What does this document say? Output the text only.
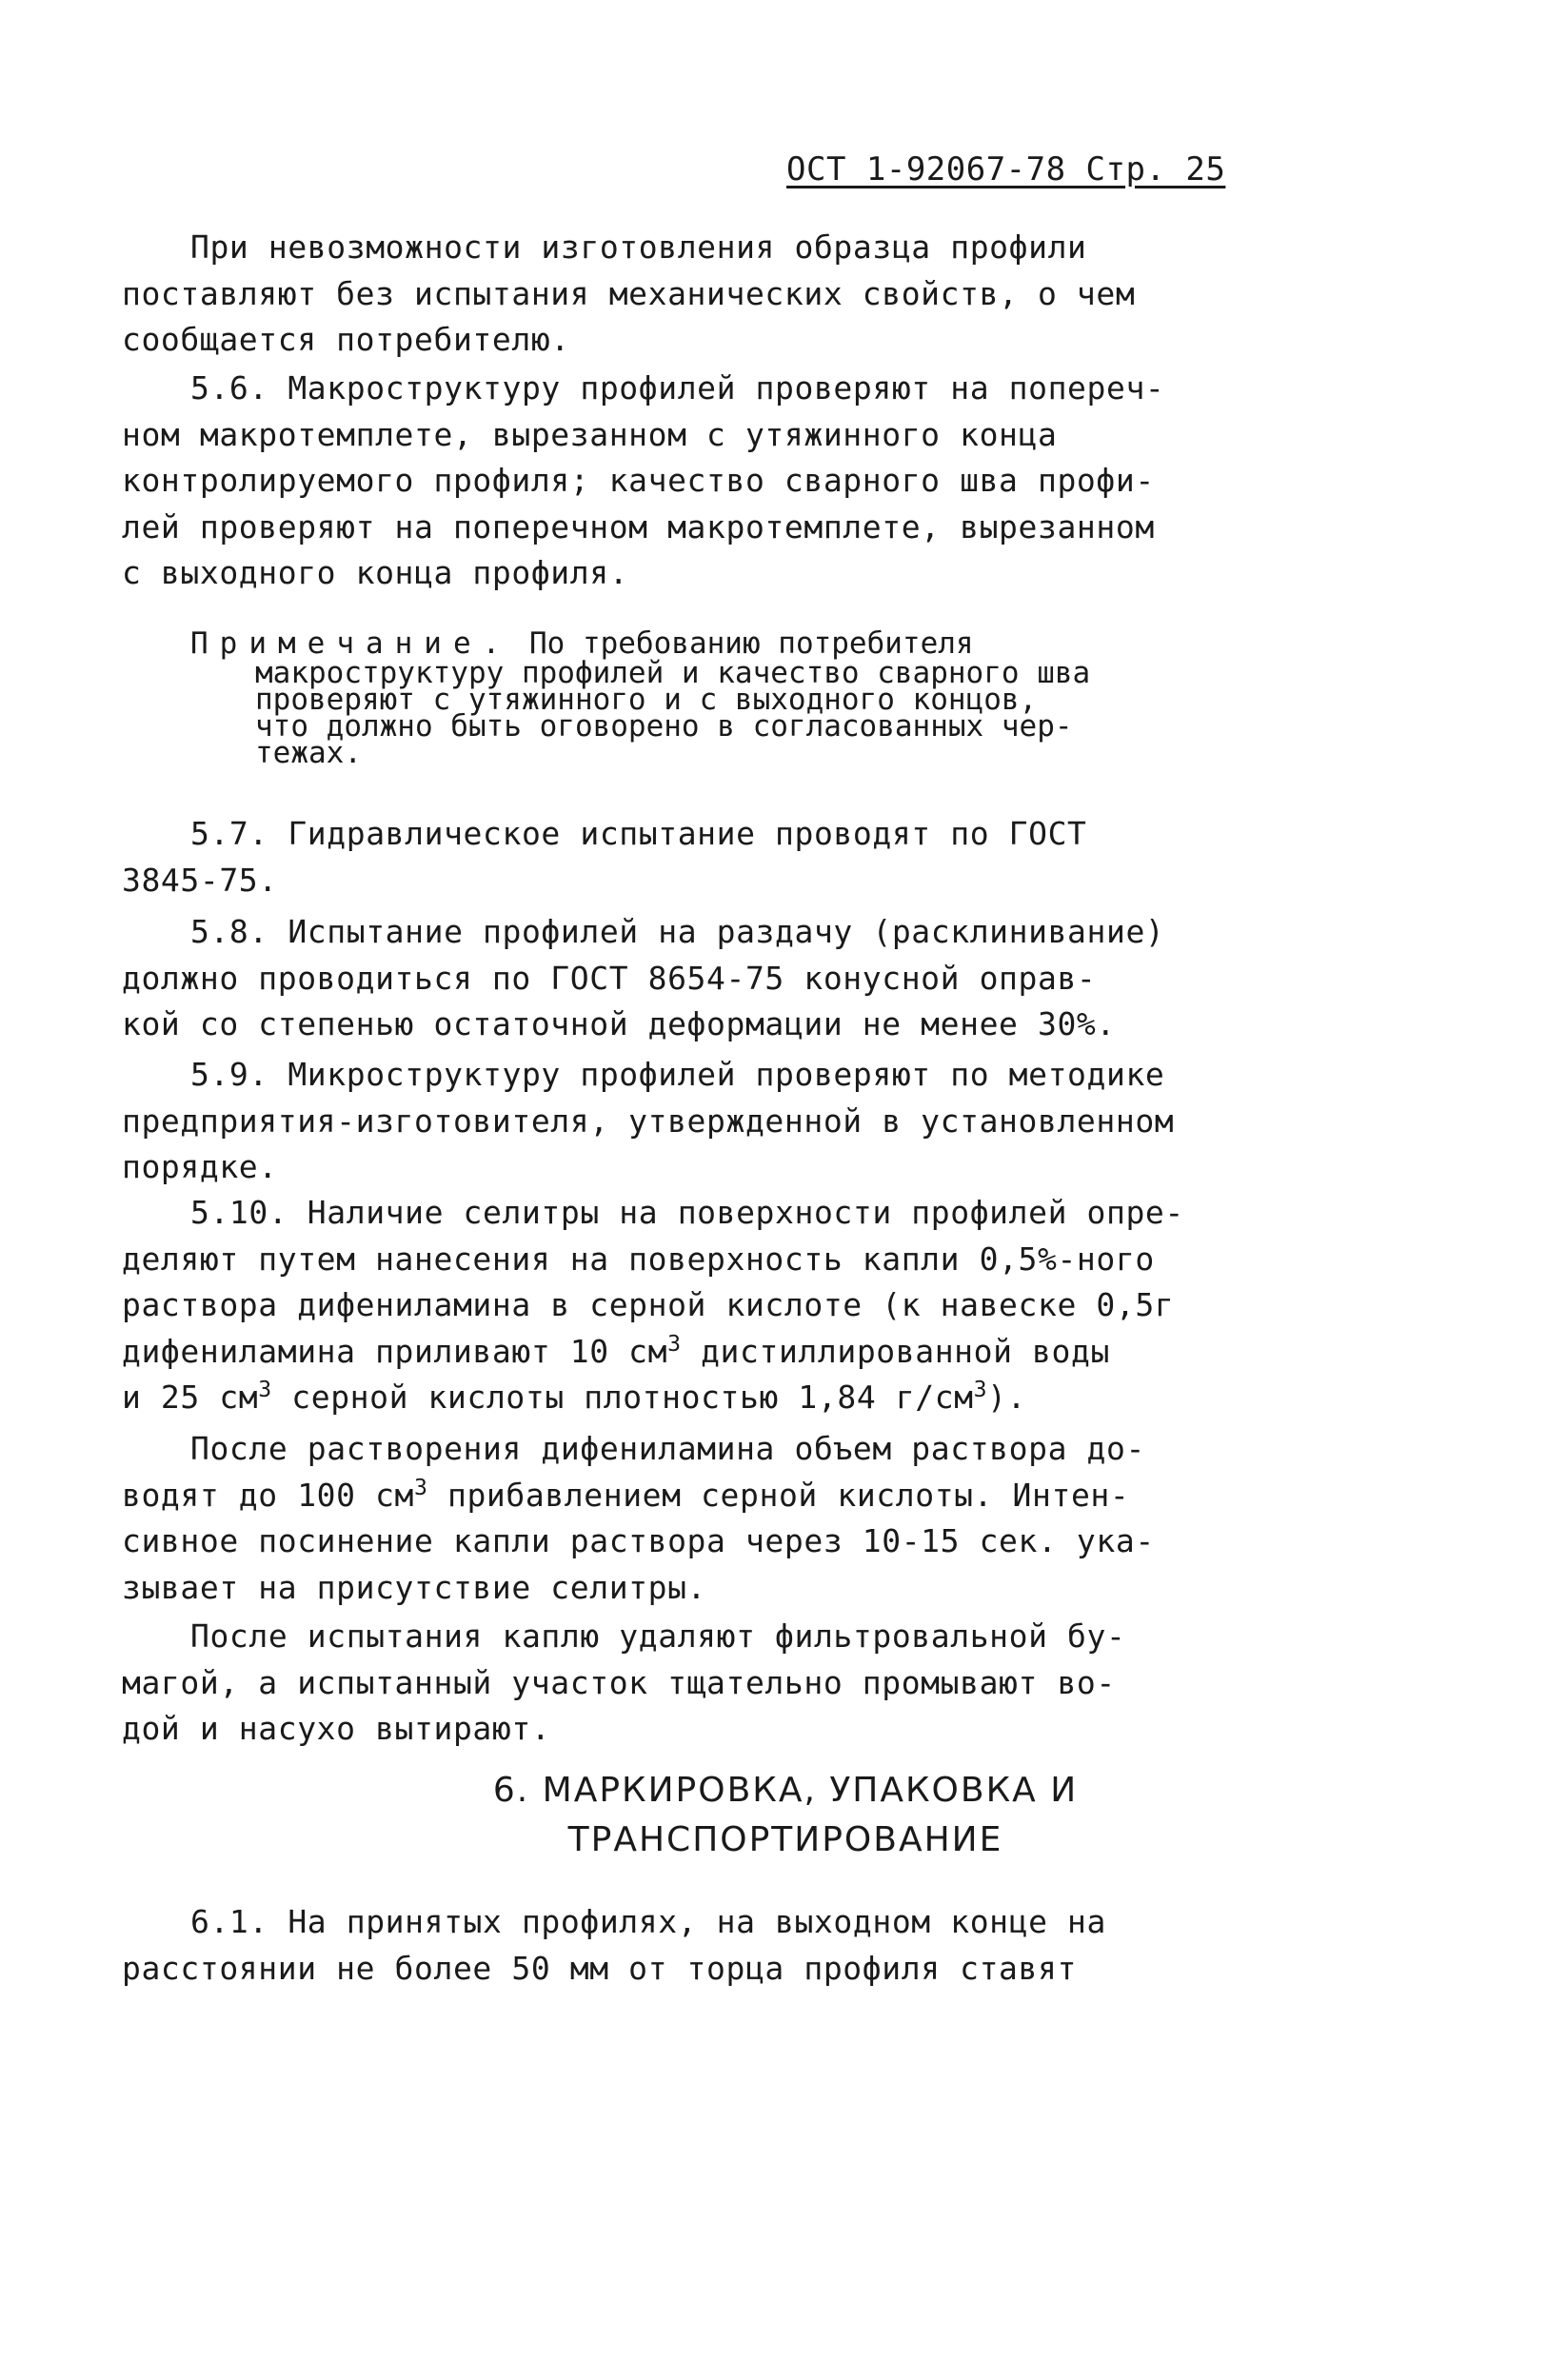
ОСТ 1-92067-78 Стр. 25
При невозможности изготовления образца профили
поставляют без испытания механических свойств, о чем
сообщается потребителю.
5.6. Макроструктуру профилей проверяют на попереч-
ном макротемплете, вырезанном с утяжинного конца
контролируемого профиля; качество сварного шва профи-
лей проверяют на поперечном макротемплете, вырезанном
с выходного конца профиля.
Примечание. По требованию потребителя
макроструктуру профилей и качество сварного шва
проверяют с утяжинного и с выходного концов,
что должно быть оговорено в согласованных чер-
тежах.
5.7. Гидравлическое испытание проводят по ГОСТ
3845-75.
5.8. Испытание профилей на раздачу (расклинивание)
должно проводиться по ГОСТ 8654-75 конусной оправ-
кой со степенью остаточной деформации не менее 30%.
5.9. Микроструктуру профилей проверяют по методике
предприятия-изготовителя, утвержденной в установленном
порядке.
5.10. Наличие селитры на поверхности профилей опре-
деляют путем нанесения на поверхность капли 0,5%-ного
раствора дифениламина в серной кислоте (к навеске 0,5г
дифениламина приливают 10 $см^3$ дистиллированной воды
и 25 $см^3$ серной кислоты плотностью 1,84 $г/см^3$).
После растворения дифениламина объем раствора до-
водят до 100 $см^3$ прибавлением серной кислоты. Интен-
сивное посинение капли раствора через 10-15 сек. ука-
зывает на присутствие селитры.
После испытания каплю удаляют фильтровальной бу-
магой, а испытанный участок тщательно промывают во-
дой и насухо вытирают.
6. МАРКИРОВКА, УПАКОВКА И
ТРАНСПОРТИРОВАНИЕ
6.1. На принятых профилях, на выходном конце на
расстоянии не более 50 мм от торца профиля ставят
